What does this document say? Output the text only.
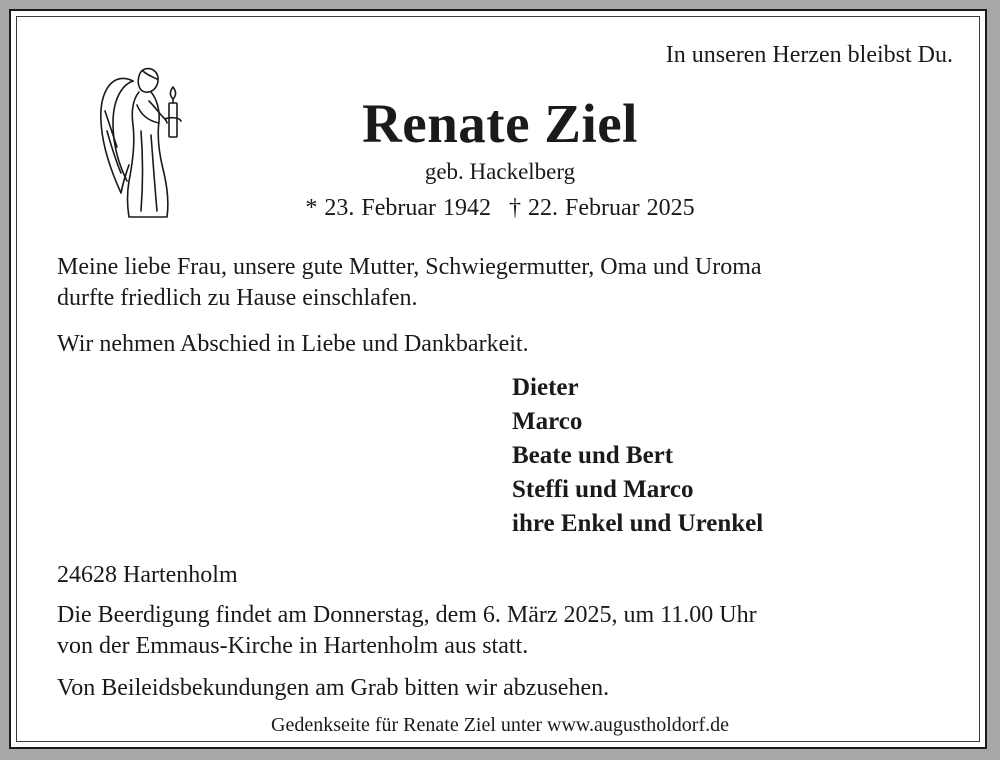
In unseren Herzen bleibst Du.
Renate Ziel
geb. Hackelberg
* 23. Februar 1942 † 22. Februar 2025
Meine liebe Frau, unsere gute Mutter, Schwiegermutter, Oma und Uroma
durfte friedlich zu Hause einschlafen.
Wir nehmen Abschied in Liebe und Dankbarkeit.
Dieter
Marco
Beate und Bert
Steffi und Marco
ihre Enkel und Urenkel
24628 Hartenholm
Die Beerdigung findet am Donnerstag, dem 6. März 2025, um 11.00 Uhr
von der Emmaus-Kirche in Hartenholm aus statt.
Von Beileidsbekundungen am Grab bitten wir abzusehen.
Gedenkseite für Renate Ziel unter www.augustholdorf.de
